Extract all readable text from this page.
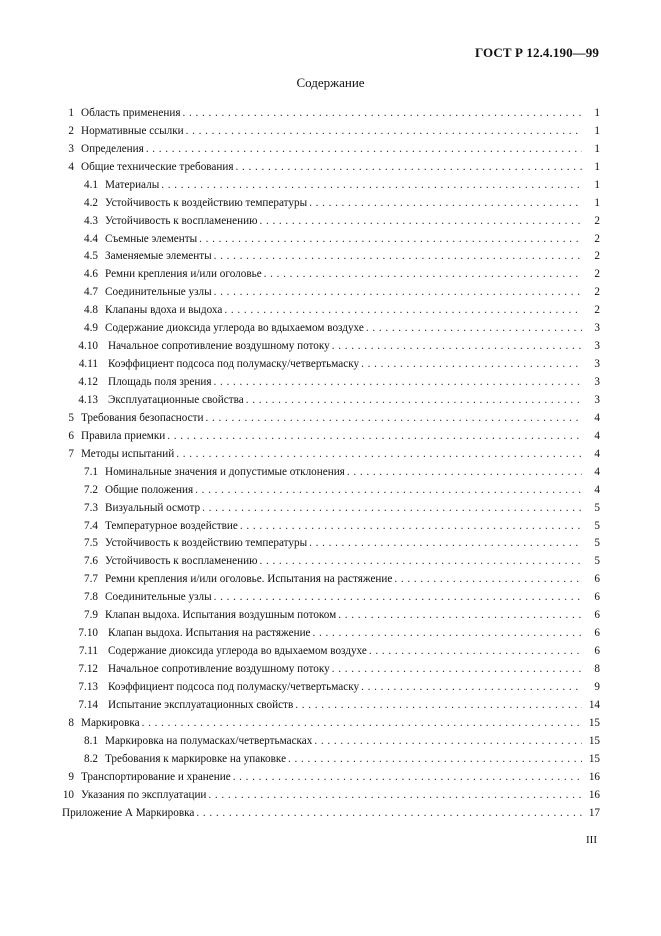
ГОСТ Р 12.4.190—99
Содержание
1 Область применения . . .	1
2 Нормативные ссылки . . .	1
3 Определения . . .	1
4 Общие технические требования . . .	1
4.1 Материалы . . .	1
4.2 Устойчивость к воздействию температуры . . .	1
4.3 Устойчивость к воспламенению . . .	2
4.4 Съемные элементы . . .	2
4.5 Заменяемые элементы . . .	2
4.6 Ремни крепления и/или оголовье . . .	2
4.7 Соединительные узлы . . .	2
4.8 Клапаны вдоха и выдоха . . .	2
4.9 Содержание диоксида углерода во вдыхаемом воздухе . . .	3
4.10 Начальное сопротивление воздушному потоку . . .	3
4.11 Коэффициент подсоса под полумаску/четвертьмаску . . .	3
4.12 Площадь поля зрения . . .	3
4.13 Эксплуатационные свойства . . .	3
5 Требования безопасности . . .	4
6 Правила приемки . . .	4
7 Методы испытаний . . .	4
7.1 Номинальные значения и допустимые отклонения . . .	4
7.2 Общие положения . . .	4
7.3 Визуальный осмотр . . .	5
7.4 Температурное воздействие . . .	5
7.5 Устойчивость к воздействию температуры . . .	5
7.6 Устойчивость к воспламенению . . .	5
7.7 Ремни крепления и/или оголовье. Испытания на растяжение . . .	6
7.8 Соединительные узлы . . .	6
7.9 Клапан выдоха. Испытания воздушным потоком . . .	6
7.10 Клапан выдоха. Испытания на растяжение . . .	6
7.11 Содержание диоксида углерода во вдыхаемом воздухе . . .	6
7.12 Начальное сопротивление воздушному потоку . . .	8
7.13 Коэффициент подсоса под полумаску/четвертьмаску . . .	9
7.14 Испытание эксплуатационных свойств . . .	14
8 Маркировка . . .	15
8.1 Маркировка на полумасках/четвертьмасках . . .	15
8.2 Требования к маркировке на упаковке . . .	15
9 Транспортирование и хранение . . .	16
10 Указания по эксплуатации . . .	16
Приложение А Маркировка . . .	17
III
